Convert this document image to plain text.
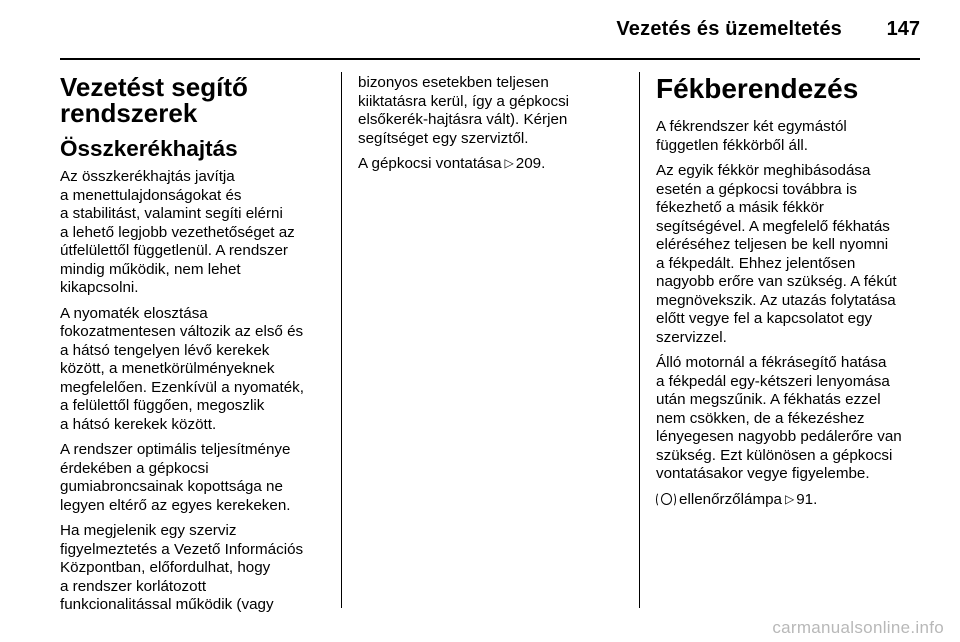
Vezetés és üzemeltetés 147
Vezetést segítő
rendszerek
Összkerékhajtás

Az összkerékhajtás javítja
a menettulajdonságokat és
a stabilitást, valamint segíti elérni
a lehető legjobb vezethetőséget az
útfelülettől függetlenül. A rendszer
mindig működik, nem lehet
kikapcsolni.

A nyomaték elosztása
fokozatmentesen változik az első és
a hátsó tengelyen lévő kerekek
között, a menetkörülményeknek
megfelelően. Ezenkívül a nyomaték,
a felülettől függően, megoszlik
a hátsó kerekek között.

A rendszer optimális teljesítménye
érdekében a gépkocsi
gumiabroncsainak kopottsága ne
legyen eltérő az egyes kerekeken.

Ha megjelenik egy szerviz
figyelmeztetés a Vezető Információs
Központban, előfordulhat, hogy
a rendszer korlátozott
funkcionalitással működik (vagy

bizonyos esetekben teljesen
kiiktatásra kerül, így a gépkocsi
elsőkerék-hajtásra vált). Kérjen
segítséget egy szerviztől.

A gépkocsi vontatása ▷ 209.

Fékberendezés

A fékrendszer két egymástól
független fékkörből áll.

Az egyik fékkör meghibásodása
esetén a gépkocsi továbbra is
fékezhető a másik fékkör
segítségével. A megfelelő fékhatás
eléréséhez teljesen be kell nyomni
a fékpedált. Ehhez jelentősen
nagyobb erőre van szükség. A fékút
megnövekszik. Az utazás folytatása
előtt vegye fel a kapcsolatot egy
szervizzel.

Álló motornál a fékrásegítő hatása
a fékpedál egy-kétszeri lenyomása
után megszűnik. A fékhatás ezzel
nem csökken, de a fékezéshez
lényegesen nagyobb pedálerőre van
szükség. Ezt különösen a gépkocsi
vontatásakor vegye figyelembe.

ellenőrzőlámpa ▷ 91.

carmanualsonline.info
